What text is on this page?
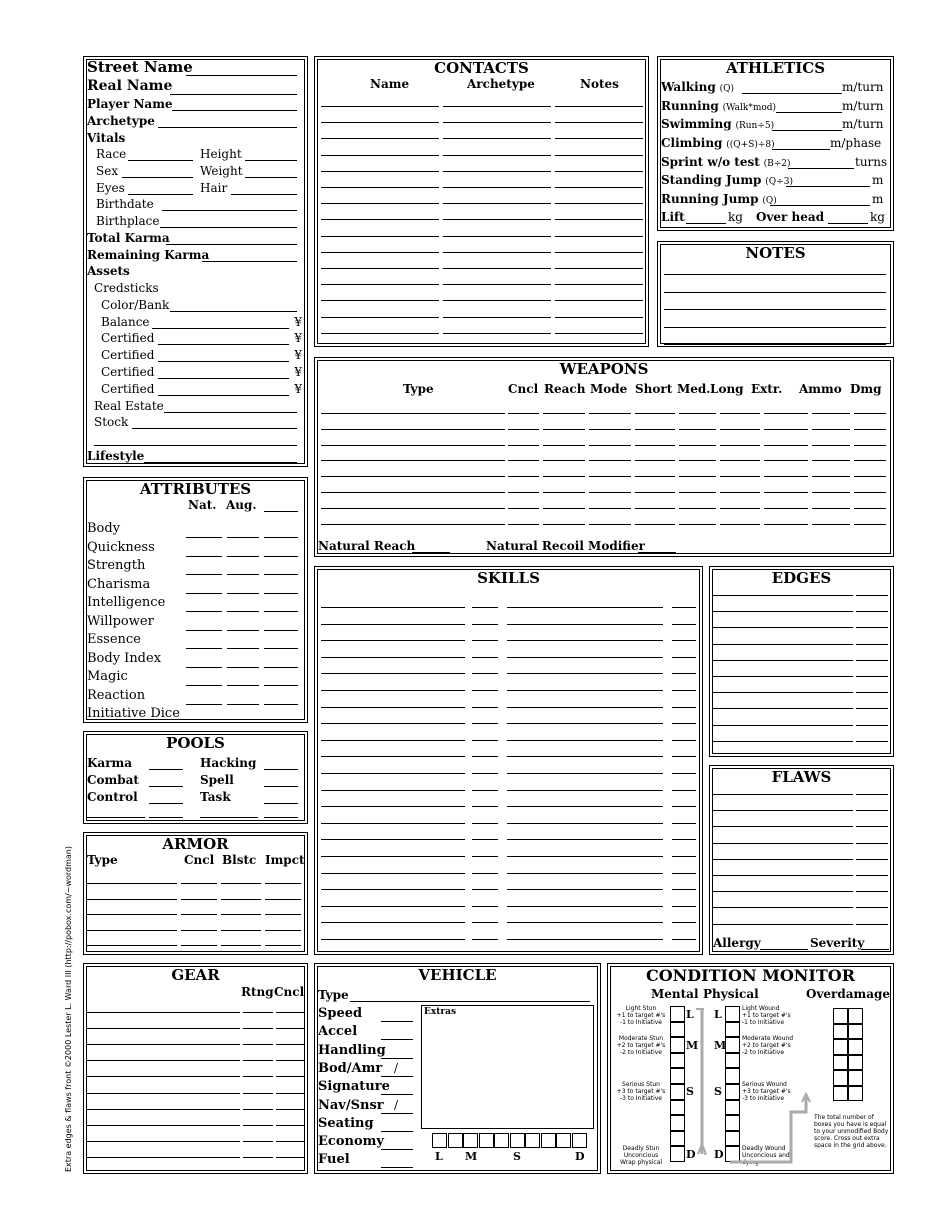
Street Name
Real Name
Player Name
Archetype
Vitals
Race	Height
Sex	Weight
Eyes	Hair
Birthdate
Birthplace
Total Karma
Remaining Karma
Assets
Credsticks
Color/Bank
Balance	¥
Certified	¥
Certified	¥
Certified	¥
Certified	¥
Real Estate
Stock
Lifestyle
CONTACTS
Name	Archetype	Notes
ATHLETICS
Walking (Q)	m/turn
Running (Walk*mod)	m/turn
Swimming (Run÷5)	m/turn
Climbing ((Q+S)÷8)	m/phase
Sprint w/o test (B÷2)	turns
Standing Jump (Q÷3)	m
Running Jump (Q)	m
Lift	kg Over head	kg
NOTES
WEAPONS
Type	Cncl Reach Mode Short Med. Long Extr. Ammo Dmg
Natural Reach	Natural Recoil Modifier
ATTRIBUTES
Nat. Aug.
Body
Quickness
Strength
Charisma
Intelligence
Willpower
Essence
Body Index
Magic
Reaction
Initiative Dice
POOLS
Karma	Hacking
Combat	Spell
Control	Task
ARMOR
Type	Cncl Blstc Impct
SKILLS	EDGES
FLAWS
Allergy	Severity
GEAR
Rtng Cncl
VEHICLE
Type
Speed
Accel
Handling
Bod/Amr /
Signature
Nav/Snsr /
Seating
Economy
Fuel
Extras
L M	S	D
CONDITION MONITOR
Mental Physical	Overdamage
Light Stun
+1 to target #'s
-1 to Initiative
Moderate Stun
+2 to target #'s
-2 to Initiative
Serious Stun
+3 to target #'s
-3 to Initiative
Deadly Stun
Unconcious
Wrap physical
Light Wound
+1 to target #'s
-1 to Initiative
Moderate Wound
+2 to target #'s
-2 to Initiative
Serious Wound
+3 to target #'s
-3 to Initiative
Deadly Wound
Unconcious and
dying
L
M
S
D
L
M
S
D
The total number of
boxes you have is equal
to your unmodified Body
score. Cross out extra
space in the grid above.
Extra edges & flaws front ©2000 Lester L. Ward III (http://pobox.com/~wordman)
